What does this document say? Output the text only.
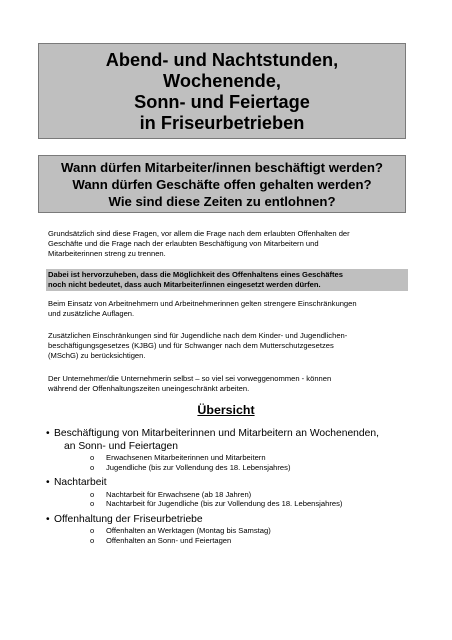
Abend- und Nachtstunden,
Wochenende,
Sonn- und Feiertage
in Friseurbetrieben
Wann dürfen Mitarbeiter/innen beschäftigt werden?
Wann dürfen Geschäfte offen gehalten werden?
Wie sind diese Zeiten zu entlohnen?
Grundsätzlich sind diese Fragen, vor allem die Frage nach dem erlaubten Offenhalten der
Geschäfte und die Frage nach der erlaubten Beschäftigung von Mitarbeitern und
Mitarbeiterinnen streng zu trennen.
Dabei ist hervorzuheben, dass die Möglichkeit des Offenhaltens eines Geschäftes
noch nicht bedeutet, dass auch Mitarbeiter/innen eingesetzt werden dürfen.
Beim Einsatz von Arbeitnehmern und Arbeitnehmerinnen gelten strengere Einschränkungen
und zusätzliche Auflagen.
Zusätzlichen Einschränkungen sind für Jugendliche nach dem Kinder- und Jugendlichen-
beschäftigungsgesetzes (KJBG) und für Schwanger nach dem Mutterschutzgesetzes
(MSchG) zu berücksichtigen.
Der Unternehmer/die Unternehmerin selbst – so viel sei vorweggenommen - können
während der Offenhaltungszeiten uneingeschränkt arbeiten.
Übersicht
• Beschäftigung von Mitarbeiterinnen und Mitarbeitern an Wochenenden,
an Sonn- und Feiertagen
o Erwachsenen Mitarbeiterinnen und Mitarbeitern
o Jugendliche (bis zur Vollendung des 18. Lebensjahres)
• Nachtarbeit
o Nachtarbeit für Erwachsene (ab 18 Jahren)
o Nachtarbeit für Jugendliche (bis zur Vollendung des 18. Lebensjahres)
• Offenhaltung der Friseurbetriebe
o Offenhalten an Werktagen (Montag bis Samstag)
o Offenhalten an Sonn- und Feiertagen
